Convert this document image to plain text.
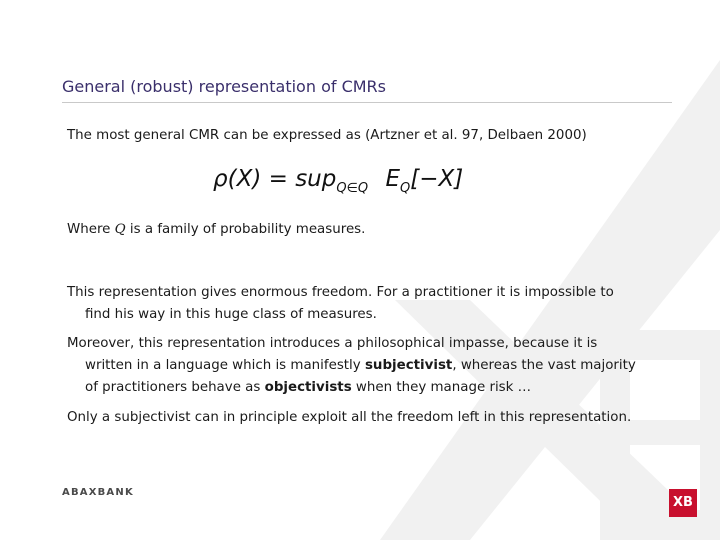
General (robust) representation of CMRs
The most general CMR can be expressed as (Artzner et al. 97, Delbaen 2000)
ρ(X) = sup$_{Q\in Q}$ $E_Q[-X]$
Where Q is a family of probability measures.
This representation gives enormous freedom. For a practitioner it is impossible to
find his way in this huge class of measures.
Moreover, this representation introduces a philosophical impasse, because it is
written in a language which is manifestly subjectivist, whereas the vast majority
of practitioners behave as objectivists when they manage risk …
Only a subjectivist can in principle exploit all the freedom left in this representation.
ABAXBANK
XB
